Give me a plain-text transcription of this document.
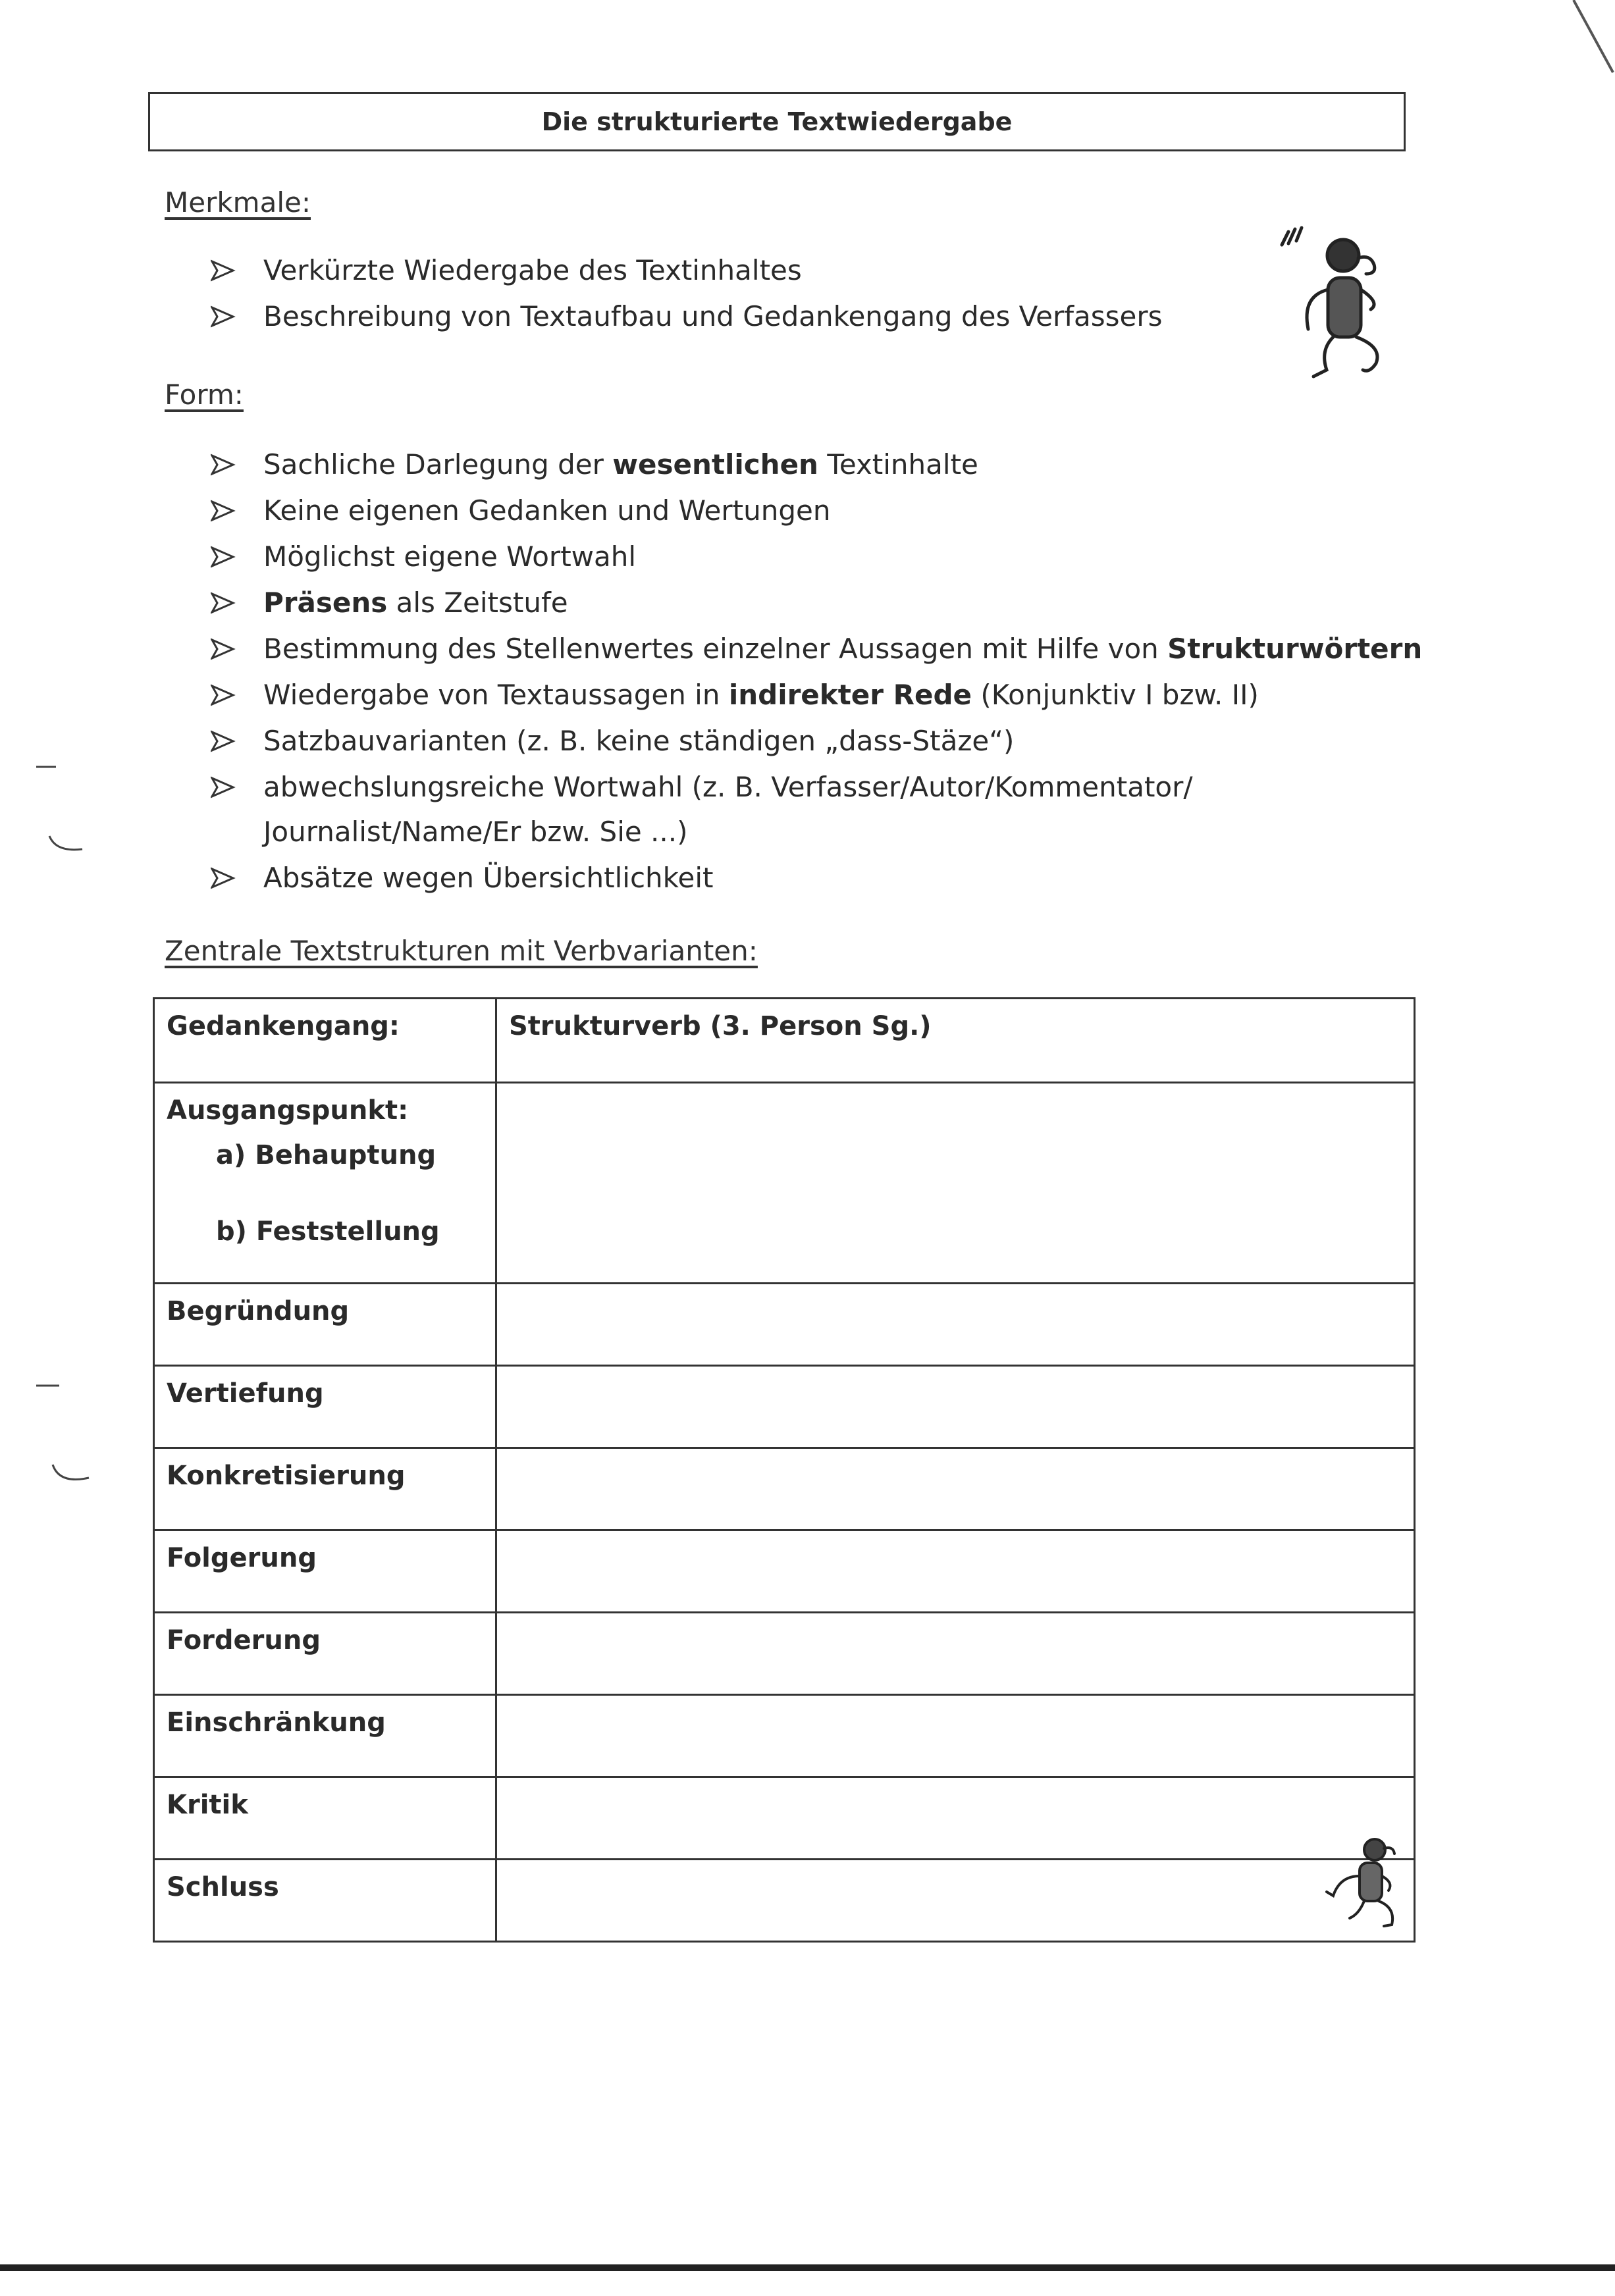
Die strukturierte Textwiedergabe
Merkmale:
Verkürzte Wiedergabe des Textinhaltes
Beschreibung von Textaufbau und Gedankengang des Verfassers
Form:
Sachliche Darlegung der wesentlichen Textinhalte
Keine eigenen Gedanken und Wertungen
Möglichst eigene Wortwahl
Präsens als Zeitstufe
Bestimmung des Stellenwertes einzelner Aussagen mit Hilfe von Strukturwörtern
Wiedergabe von Textaussagen in indirekter Rede (Konjunktiv I bzw. II)
Satzbauvarianten (z. B. keine ständigen „dass-Stäze“)
abwechslungsreiche Wortwahl (z. B. Verfasser/Autor/Kommentator/
Journalist/Name/Er bzw. Sie ...)
Absätze wegen Übersichtlichkeit
Zentrale Textstrukturen mit Verbvarianten:
Gedankengang:	Strukturverb (3. Person Sg.)
Ausgangspunkt:
a) Behauptung
b) Feststellung	

Begründung	
Vertiefung	
Konkretisierung	
Folgerung	
Forderung	
Einschränkung	
Kritik	
Schluss	
